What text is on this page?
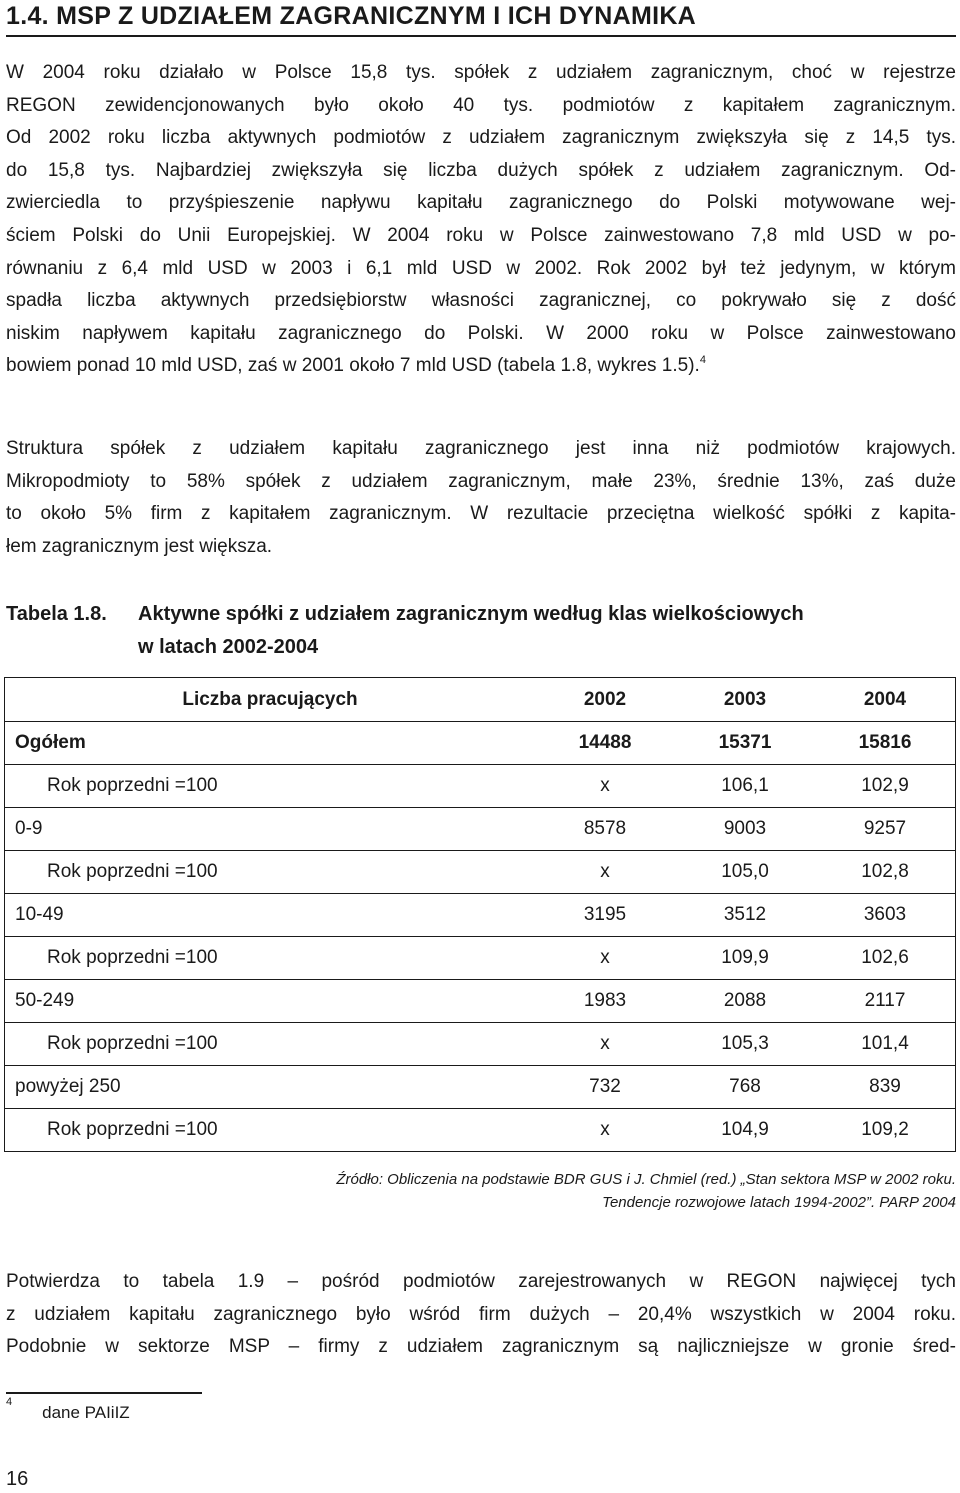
1.4. MSP Z UDZIAŁEM ZAGRANICZNYM I ICH DYNAMIKA
W 2004 roku działało w Polsce 15,8 tys. spółek z udziałem zagranicznym, choć w rejestrze
REGON zewidencjonowanych było około 40 tys. podmiotów z kapitałem zagranicznym.
Od 2002 roku liczba aktywnych podmiotów z udziałem zagranicznym zwiększyła się z 14,5 tys.
do 15,8 tys. Najbardziej zwiększyła się liczba dużych spółek z udziałem zagranicznym. Od-
zwierciedla to przyśpieszenie napływu kapitału zagranicznego do Polski motywowane wej-
ściem Polski do Unii Europejskiej. W 2004 roku w Polsce zainwestowano 7,8 mld USD w po-
równaniu z 6,4 mld USD w 2003 i 6,1 mld USD w 2002. Rok 2002 był też jedynym, w którym
spadła liczba aktywnych przedsiębiorstw własności zagranicznej, co pokrywało się z dość
niskim napływem kapitału zagranicznego do Polski. W 2000 roku w Polsce zainwestowano
bowiem ponad 10 mld USD, zaś w 2001 około 7 mld USD (tabela 1.8, wykres 1.5).$^4$
Struktura spółek z udziałem kapitału zagranicznego jest inna niż podmiotów krajowych.
Mikropodmioty to 58% spółek z udziałem zagranicznym, małe 23%, średnie 13%, zaś duże
to około 5% firm z kapitałem zagranicznym. W rezultacie przeciętna wielkość spółki z kapita-
łem zagranicznym jest większa.
Tabela 1.8. Aktywne spółki z udziałem zagranicznym według klas wielkościowych
w latach 2002-2004
Liczba pracujących	2002	2003	2004
Ogółem	14488	15371	15816
Rok poprzedni =100	x	106,1	102,9
0-9	8578	9003	9257
Rok poprzedni =100	x	105,0	102,8
10-49	3195	3512	3603
Rok poprzedni =100	x	109,9	102,6
50-249	1983	2088	2117
Rok poprzedni =100	x	105,3	101,4
powyżej 250	732	768	839
Rok poprzedni =100	x	104,9	109,2
Źródło: Obliczenia na podstawie BDR GUS i J. Chmiel (red.) „Stan sektora MSP w 2002 roku.
Tendencje rozwojowe latach 1994-2002”. PARP 2004
Potwierdza to tabela 1.9 – pośród podmiotów zarejestrowanych w REGON najwięcej tych
z udziałem kapitału zagranicznego było wśród firm dużych – 20,4% wszystkich w 2004 roku.
Podobnie w sektorze MSP – firmy z udziałem zagranicznym są najliczniejsze w gronie śred-
$^4$dane PAIiIZ
16
